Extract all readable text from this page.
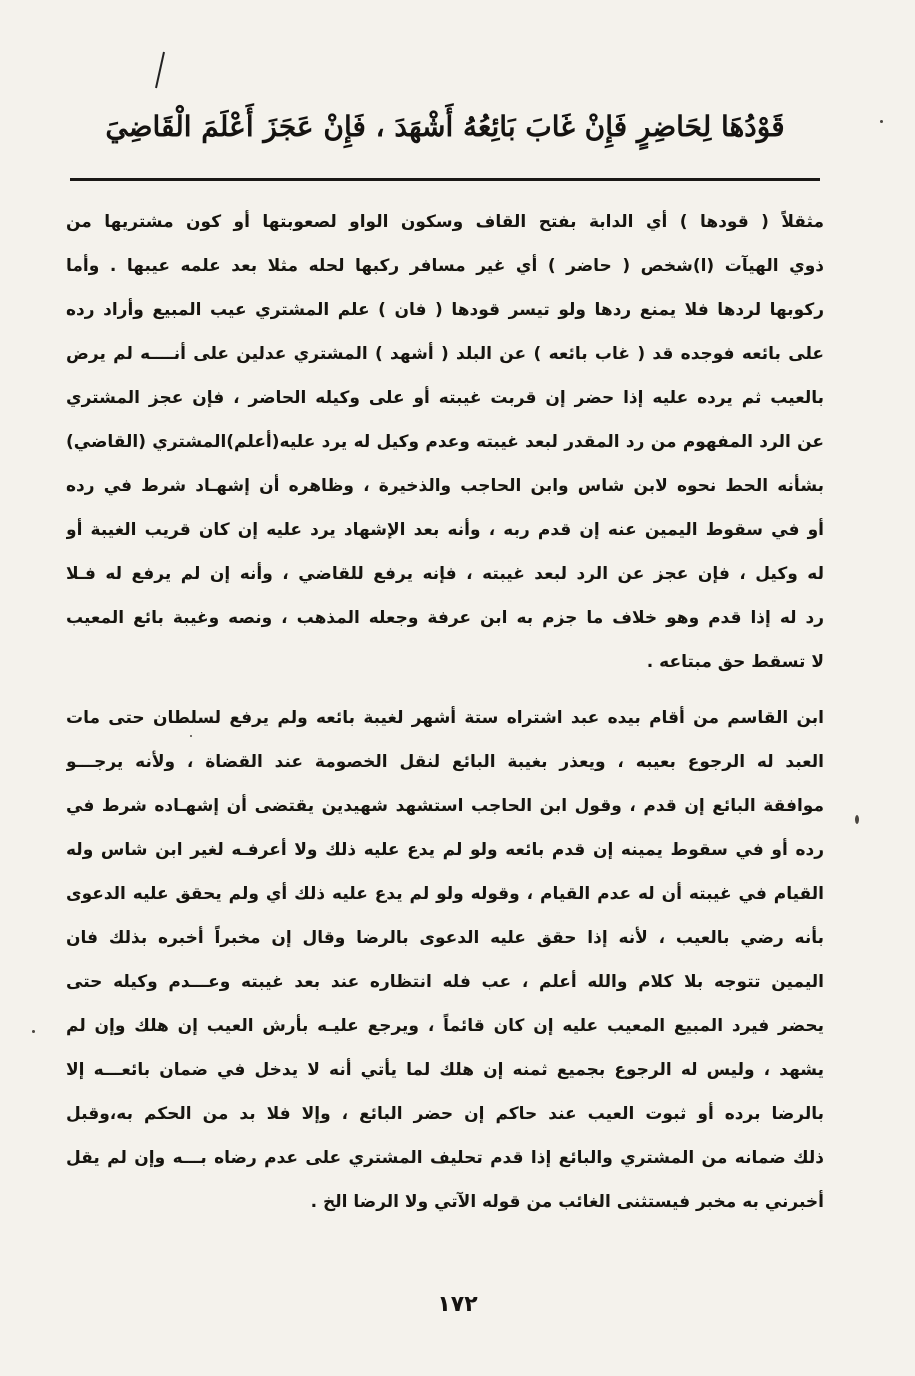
قَوْدُهَا لِحَاضِرٍ فَإِنْ غَابَ بَائِعُهُ أَشْهَدَ ، فَإِنْ عَجَزَ أَعْلَمَ الْقَاضِيَ
مثقلاً ( قودها ) أي الدابة بفتح القاف وسكون الواو لصعوبتها أو كون مشتريها من
ذوي الهيآت (ا)شخص ( حاضر ) أي غير مسافر ركبها لحله مثلا بعد علمه عيبها . وأما
ركوبها لردها فلا يمنع ردها ولو تيسر قودها ( فان ) علم المشتري عيب المبيع وأراد رده
على بائعه فوجده قد ( غاب بائعه ) عن البلد ( أشهد ) المشتري عدلين على أنــــه لم يرض
بالعيب ثم يرده عليه إذا حضر إن قربت غيبته أو على وكيله الحاضر ، فإن عجز المشتري
عن الرد المفهوم من رد المقدر لبعد غيبته وعدم وكيل له يرد عليه(أعلم)المشتري (القاضي)
بشأنه الحط نحوه لابن شاس وابن الحاجب والذخيرة ، وظاهره أن إشهـاد شرط في رده
أو في سقوط اليمين عنه إن قدم ربه ، وأنه بعد الإشهاد يرد عليه إن كان قريب الغيبة أو
له وكيل ، فإن عجز عن الرد لبعد غيبته ، فإنه يرفع للقاضي ، وأنه إن لم يرفع له فـلا
رد له إذا قدم وهو خلاف ما جزم به ابن عرفة وجعله المذهب ، ونصه وغيبة بائع المعيب
لا تسقط حق مبتاعه .
ابن القاسم من أقام بيده عبد اشتراه ستة أشهر لغيبة بائعه ولم يرفع لسلطان حتى مات
العبد له الرجوع بعيبه ، ويعذر بغيبة البائع لنقل الخصومة عند القضاة ، ولأنه يرجـــو
موافقة البائع إن قدم ، وقول ابن الحاجب استشهد شهيدين يقتضى أن إشهـاده شرط في
رده أو في سقوط يمينه إن قدم بائعه ولو لم يدع عليه ذلك ولا أعرفـه لغير ابن شاس وله
القيام في غيبته أن له عدم القيام ، وقوله ولو لم يدع عليه ذلك أي ولم يحقق عليه الدعوى
بأنه رضي بالعيب ، لأنه إذا حقق عليه الدعوى بالرضا وقال إن مخبراً أخبره بذلك فان
اليمين تتوجه بلا كلام والله أعلم ، عب فله انتظاره عند بعد غيبته وعـــدم وكيله حتى
يحضر فيرد المبيع المعيب عليه إن كان قائماً ، ويرجع عليـه بأرش العيب إن هلك وإن لم
يشهد ، وليس له الرجوع بجميع ثمنه إن هلك لما يأتي أنه لا يدخل في ضمان بائعـــه إلا
بالرضا برده أو ثبوت العيب عند حاكم إن حضر البائع ، وإلا فلا بد من الحكم به،وقبل
ذلك ضمانه من المشتري والبائع إذا قدم تحليف المشتري على عدم رضاه بـــه وإن لم يقل
أخبرني به مخبر فيستثنى الغائب من قوله الآتي ولا الرضا الخ .
١٧٢
